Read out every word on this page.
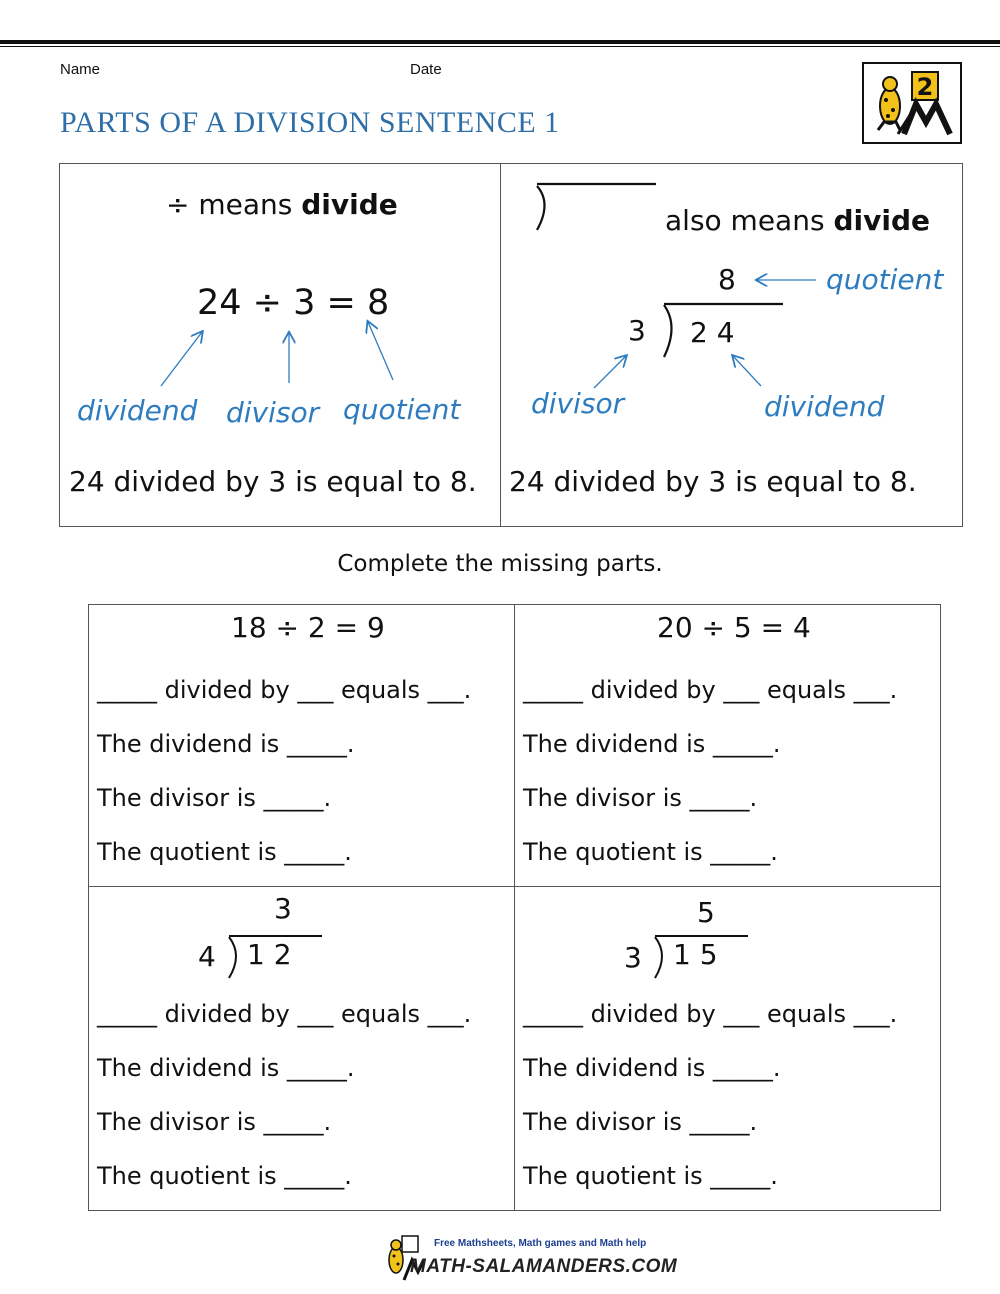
Name	Date
PARTS OF A DIVISION SENTENCE 1
2
÷ means divide
24 ÷ 3 = 8
dividend divisor quotient
24 divided by 3 is equal to 8.
also means divide
8	quotient
3 2 4
divisor	dividend
24 divided by 3 is equal to 8.
Complete the missing parts.
18 ÷ 2 = 9
_____ divided by ___ equals ___.
The dividend is _____.
The divisor is _____.
The quotient is _____.
20 ÷ 5 = 4
_____ divided by ___ equals ___.
The dividend is _____.
The divisor is _____.
The quotient is _____.
3
4 1 2
_____ divided by ___ equals ___.
The dividend is _____.
The divisor is _____.
The quotient is _____.
5
3 1 5
_____ divided by ___ equals ___.
The dividend is _____.
The divisor is _____.
The quotient is _____.
Free Mathsheets, Math games and Math help
MATH-SALAMANDERS.COM
